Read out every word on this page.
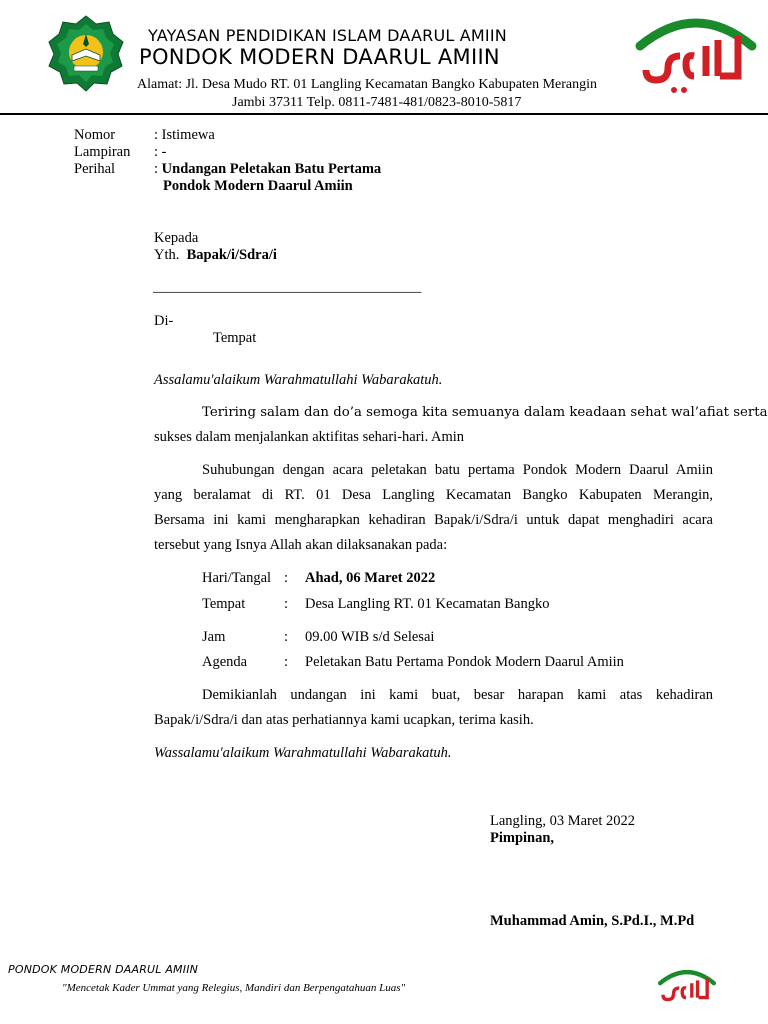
YAYASAN PENDIDIKAN ISLAM DAARUL AMIIN
PONDOK MODERN DAARUL AMIIN
Alamat: Jl. Desa Mudo RT. 01 Langling Kecamatan Bangko Kabupaten Merangin
Jambi 37311 Telp. 0811-7481-481/0823-8010-5817
Nomor	: Istimewa
Lampiran : -
Perihal	: Undangan Peletakan Batu Pertama
Pondok Modern Daarul Amiin
Kepada
Yth. Bapak/i/Sdra/i
_____________________________________
Di-
Tempat
Assalamu'alaikum Warahmatullahi Wabarakatuh.
Teriring salam dan do’a semoga kita semuanya dalam keadaan sehat wal’afiat serta
sukses dalam menjalankan aktifitas sehari-hari. Amin
Suhubungan dengan acara peletakan batu pertama Pondok Modern Daarul Amiin
yang beralamat di RT. 01 Desa Langling Kecamatan Bangko Kabupaten Merangin,
Bersama ini kami mengharapkan kehadiran Bapak/i/Sdra/i untuk dapat menghadiri acara
tersebut yang Isnya Allah akan dilaksanakan pada:
Hari/Tangal : Ahad, 06 Maret 2022
Tempat	: Desa Langling RT. 01 Kecamatan Bangko
Jam	: 09.00 WIB s/d Selesai
Agenda	: Peletakan Batu Pertama Pondok Modern Daarul Amiin
Demikianlah undangan ini kami buat, besar harapan kami atas kehadiran
Bapak/i/Sdra/i dan atas perhatiannya kami ucapkan, terima kasih.
Wassalamu'alaikum Warahmatullahi Wabarakatuh.
Langling, 03 Maret 2022
Pimpinan,
Muhammad Amin, S.Pd.I., M.Pd
PONDOK MODERN DAARUL AMIIN
"Mencetak Kader Ummat yang Relegius, Mandiri dan Berpengatahuan Luas"
